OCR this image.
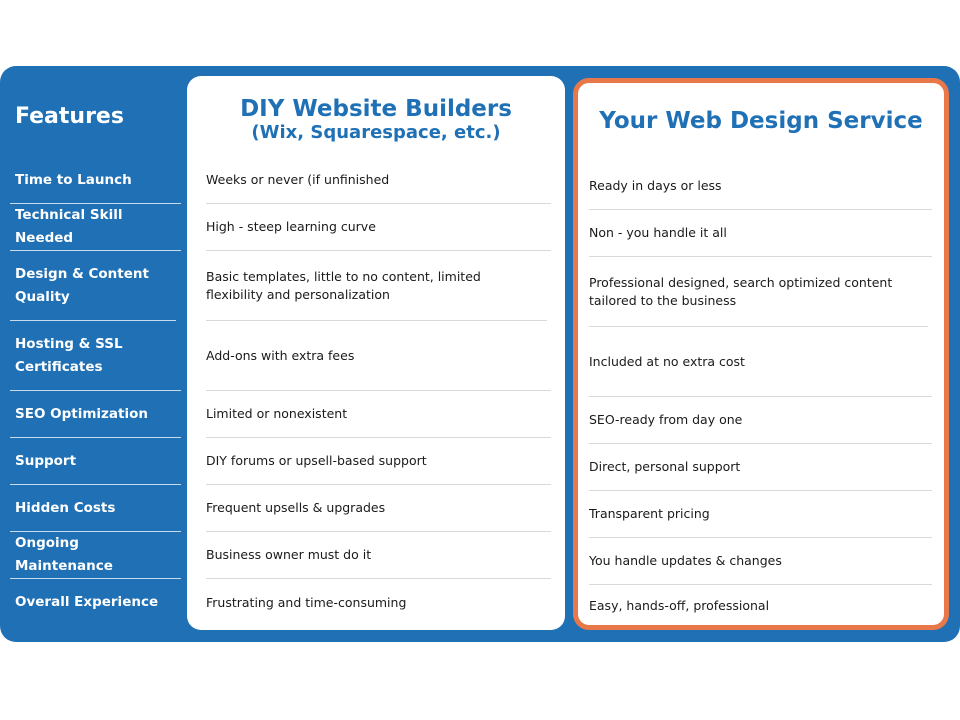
Features
Time to Launch
Technical Skill Needed
Design & Content Quality
Hosting & SSL Certificates
SEO Optimization
Support
Hidden Costs
Ongoing Maintenance
Overall Experience
DIY Website Builders
(Wix, Squarespace, etc.)
Weeks or never (if unfinished
High - steep learning curve
Basic templates, little to no content, limited flexibility and personalization
Add-ons with extra fees
Limited or nonexistent
DIY forums or upsell-based support
Frequent upsells & upgrades
Business owner must do it
Frustrating and time-consuming
Your Web Design Service
Ready in days or less
Non - you handle it all
Professional designed, search optimized content tailored to the business
Included at no extra cost
SEO-ready from day one
Direct, personal support
Transparent pricing
You handle updates & changes
Easy, hands-off, professional
